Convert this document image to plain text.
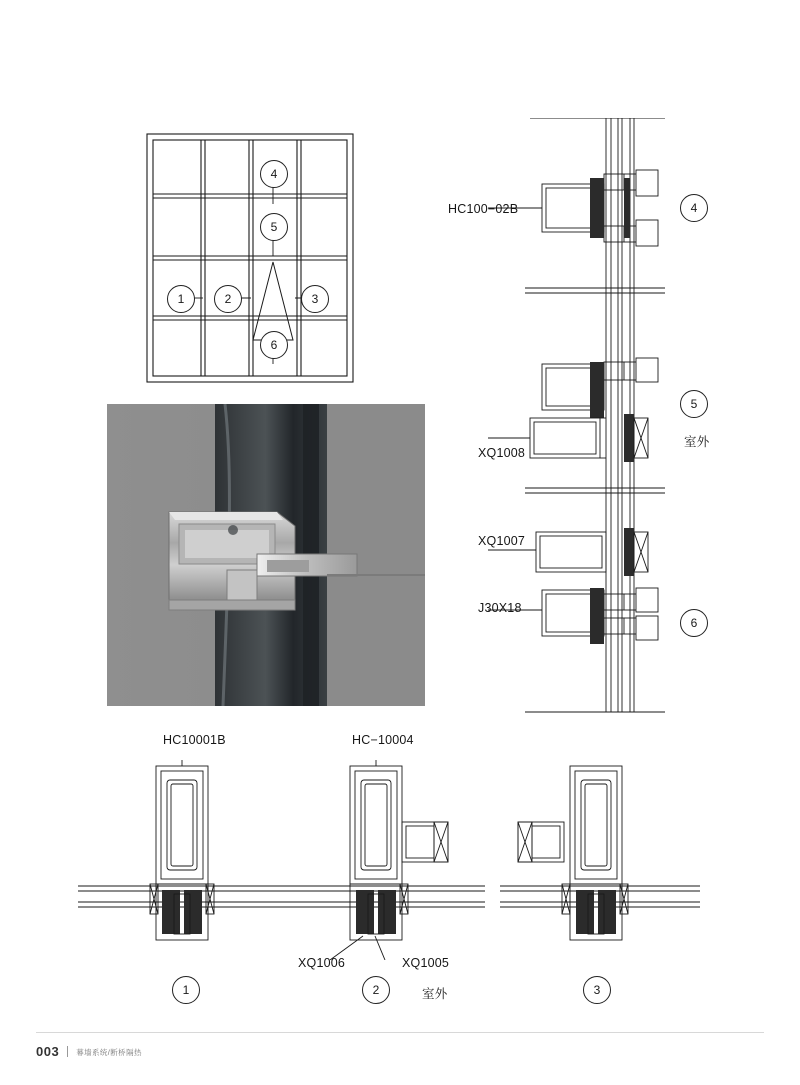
4
5
6
1	2	3
HC100−02B
XQ1008
XQ1007
J30X18
室外
4
5
6
HC10001B	HC−10004
XQ1006	XQ1005
室外
1	2	3
003 幕墙系统/断桥隔热
